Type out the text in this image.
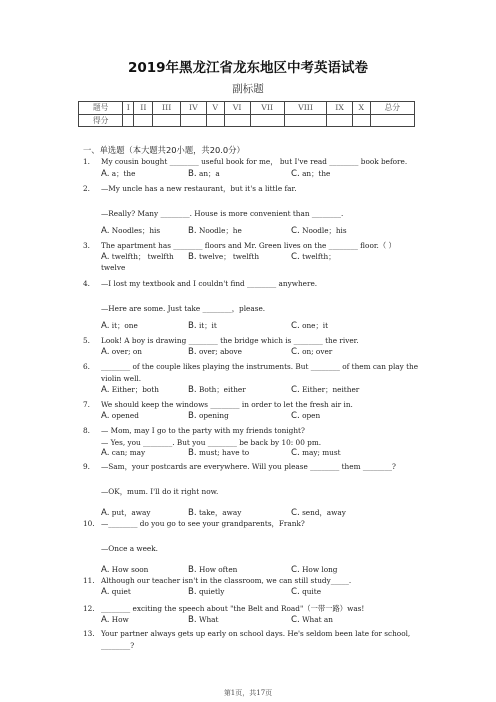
2019年黑龙江省龙东地区中考英语试卷
副标题
题号	I	II	III	IV	V	VI	VII	VIII	IX	X	总分
得分											
一、单选题（本大题共20小题，共20.0分）
1. My cousin bought ________ useful book for me， but I've read ________ book before.
A. a；the	B. an；a	C. an；the
2. —My uncle has a new restaurant，but it's a little far.
—Really? Many ________. House is more convenient than ________.
A. Noodles；his	B. Noodle；he	C. Noodle；his
3. The apartment has ________ floors and Mr. Green lives on the ________ floor.（ ）
A. twelfth； twelfth B. twelve； twelfth	C. twelfth；
twelve
4. —I lost my textbook and I couldn't find ________ anywhere.
—Here are some. Just take ________，please.
A. it；one	B. it；it	C. one；it
5. Look! A boy is drawing ________ the bridge which is ________ the river.
A. over; on	B. over; above	C. on; over
6. ________ of the couple likes playing the instruments. But ________ of them can play the
violin well.
A. Either；both	B. Both；either	C. Either；neither
7. We should keep the windows ________ in order to let the fresh air in.
A. opened	B. opening	C. open
8. — Mom, may I go to the party with my friends tonight?
— Yes, you ________. But you ________ be back by 10: 00 pm.
A. can; may	B. must; have to	C. may; must
9. —Sam，your postcards are everywhere. Will you please ________ them ________?
—OK，mum. I'll do it right now.
A. put，away	B. take，away	C. send，away
10. —________ do you go to see your grandparents，Frank?
—Once a week.
A. How soon	B. How often	C. How long
11. Although our teacher isn't in the classroom, we can still study_____.
A. quiet	B. quietly	C. quite
12. ________ exciting the speech about "the Belt and Road"（一带一路）was!
A. How	B. What	C. What an
13. Your partner always gets up early on school days. He's seldom been late for school,
________?
第1页，共17页
